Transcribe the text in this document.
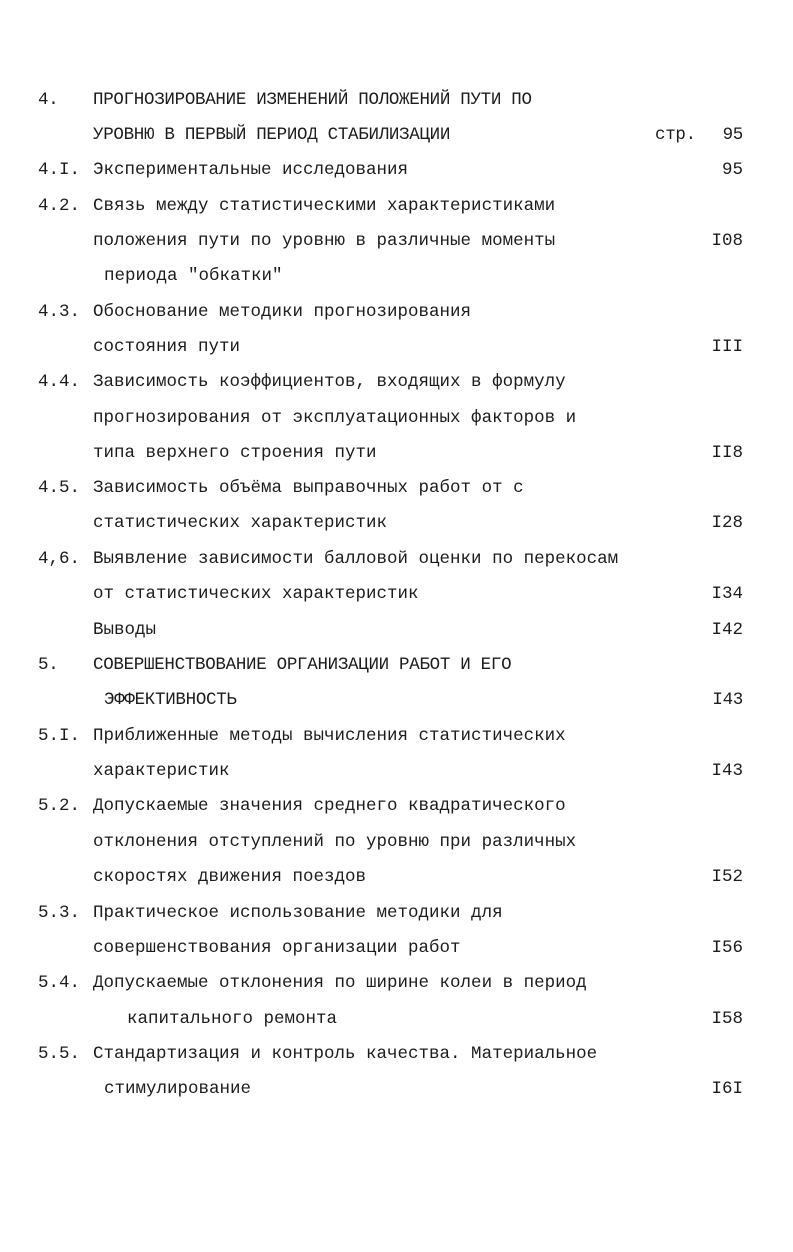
4. ПРОГНОЗИРОВАНИЕ ИЗМЕНЕНИЙ ПОЛОЖЕНИЙ ПУТИ ПО
УРОВНЮ В ПЕРВЫЙ ПЕРИОД СТАБИЛИЗАЦИИ	стр. 95
4.I. Экспериментальные исследования	95
4.2. Связь между статистическими характеристиками
положения пути по уровню в различные моменты	I08
периода "обкатки"
4.3. Обоснование методики прогнозирования
состояния пути	III
4.4. Зависимость коэффициентов, входящих в формулу
прогнозирования от эксплуатационных факторов и
типа верхнего строения пути	II8
4.5. Зависимость объёма выправочных работ от с
статистических характеристик	I28
4,6. Выявление зависимости балловой оценки по перекосам
от статистических характеристик	I34
Выводы	I42
5. СОВЕРШЕНСТВОВАНИЕ ОРГАНИЗАЦИИ РАБОТ И ЕГО
ЭФФЕКТИВНОСТЬ	I43
5.I. Приближенные методы вычисления статистических
характеристик	I43
5.2. Допускаемые значения среднего квадратического
отклонения отступлений по уровню при различных
скоростях движения поездов	I52
5.3. Практическое использование методики для
совершенствования организации работ	I56
5.4. Допускаемые отклонения по ширине колеи в период
капитального ремонта	I58
5.5. Стандартизация и контроль качества. Материальное
стимулирование	I6I
